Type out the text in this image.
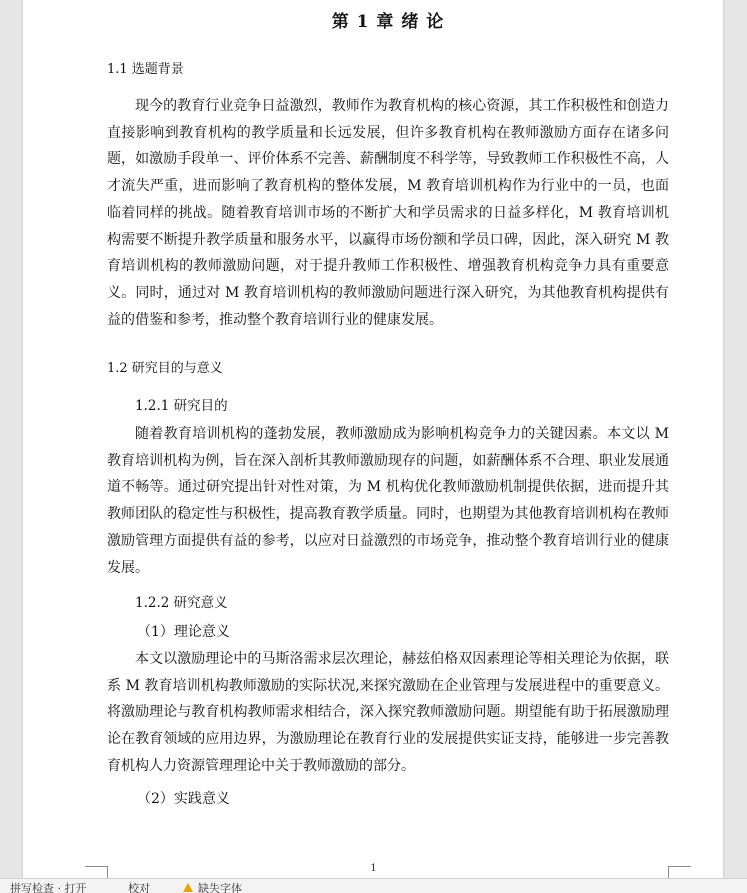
第 1 章 绪 论
1.1 选题背景

现今的教育行业竞争日益激烈，教师作为教育机构的核心资源，其工作积极性和创造力直接影响到教育机构的教学质量和长远发展，但许多教育机构在教师激励方面存在诸多问题，如激励手段单一、评价体系不完善、薪酬制度不科学等，导致教师工作积极性不高，人才流失严重，进而影响了教育机构的整体发展，M 教育培训机构作为行业中的一员，也面临着同样的挑战。随着教育培训市场的不断扩大和学员需求的日益多样化，M 教育培训机构需要不断提升教学质量和服务水平，以赢得市场份额和学员口碑，因此，深入研究 M 教育培训机构的教师激励问题，对于提升教师工作积极性、增强教育机构竞争力具有重要意义。同时，通过对 M 教育培训机构的教师激励问题进行深入研究，为其他教育机构提供有益的借鉴和参考，推动整个教育培训行业的健康发展。

1.2 研究目的与意义
1.2.1 研究目的

随着教育培训机构的蓬勃发展，教师激励成为影响机构竞争力的关键因素。本文以 M 教育培训机构为例，旨在深入剖析其教师激励现存的问题，如薪酬体系不合理、职业发展通道不畅等。通过研究提出针对性对策，为 M 机构优化教师激励机制提供依据，进而提升其教师团队的稳定性与积极性，提高教育教学质量。同时，也期望为其他教育培训机构在教师激励管理方面提供有益的参考，以应对日益激烈的市场竞争，推动整个教育培训行业的健康发展。

1.2.2 研究意义
（1）理论意义

本文以激励理论中的马斯洛需求层次理论，赫兹伯格双因素理论等相关理论为依据，联系 M 教育培训机构教师激励的实际状况,来探究激励在企业管理与发展进程中的重要意义。将激励理论与教育机构教师需求相结合，深入探究教师激励问题。期望能有助于拓展激励理论在教育领域的应用边界，为激励理论在教育行业的发展提供实证支持，能够进一步完善教育机构人力资源管理理论中关于教师激励的部分。

（2）实践意义
1
拼写检查 · 打开	校对	缺失字体
